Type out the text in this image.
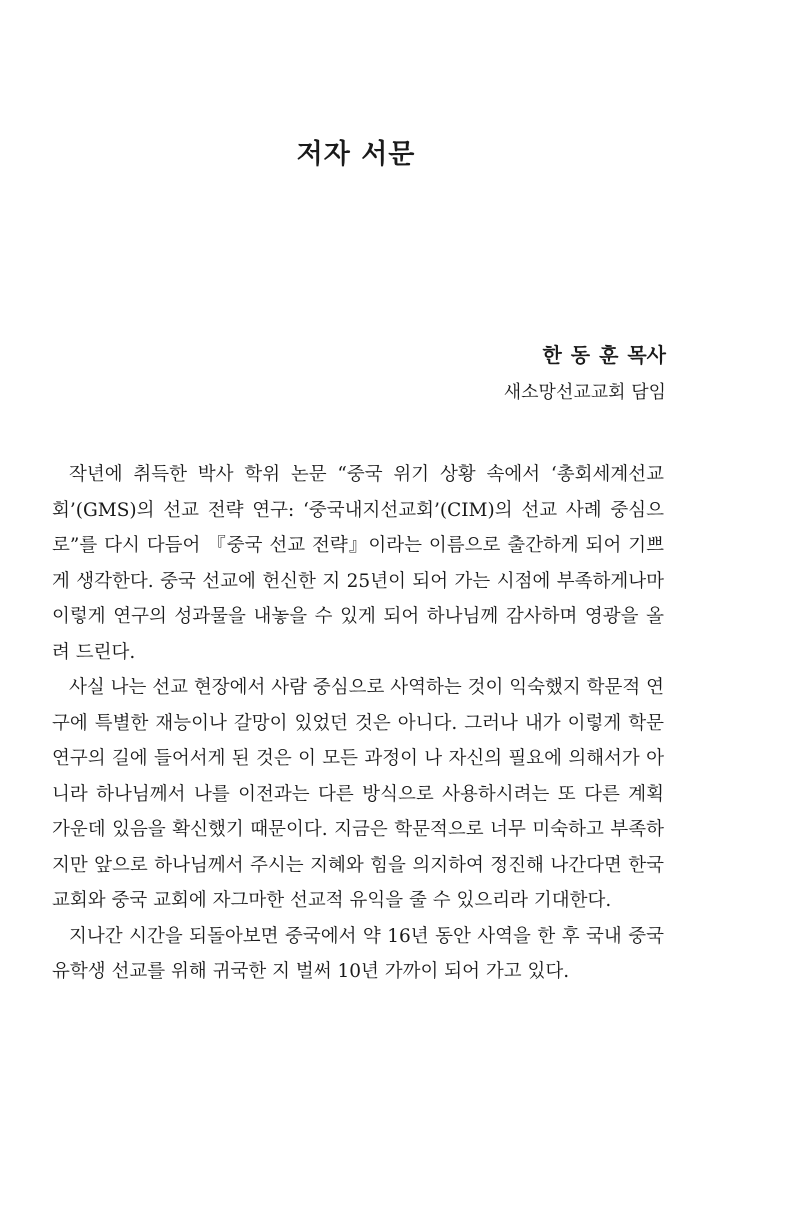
저자 서문
한 동 훈 목사
새소망선교교회 담임

작년에 취득한 박사 학위 논문 “중국 위기 상황 속에서 ‘총회세계선교회’(GMS)의 선교 전략 연구: ‘중국내지선교회’(CIM)의 선교 사례 중심으로”를 다시 다듬어 『중국 선교 전략』이라는 이름으로 출간하게 되어 기쁘게 생각한다. 중국 선교에 헌신한 지 25년이 되어 가는 시점에 부족하게나마 이렇게 연구의 성과물을 내놓을 수 있게 되어 하나님께 감사하며 영광을 올려 드린다.

사실 나는 선교 현장에서 사람 중심으로 사역하는 것이 익숙했지 학문적 연구에 특별한 재능이나 갈망이 있었던 것은 아니다. 그러나 내가 이렇게 학문 연구의 길에 들어서게 된 것은 이 모든 과정이 나 자신의 필요에 의해서가 아니라 하나님께서 나를 이전과는 다른 방식으로 사용하시려는 또 다른 계획 가운데 있음을 확신했기 때문이다. 지금은 학문적으로 너무 미숙하고 부족하지만 앞으로 하나님께서 주시는 지혜와 힘을 의지하여 정진해 나간다면 한국 교회와 중국 교회에 자그마한 선교적 유익을 줄 수 있으리라 기대한다.

지나간 시간을 되돌아보면 중국에서 약 16년 동안 사역을 한 후 국내 중국 유학생 선교를 위해 귀국한 지 벌써 10년 가까이 되어 가고 있다.
